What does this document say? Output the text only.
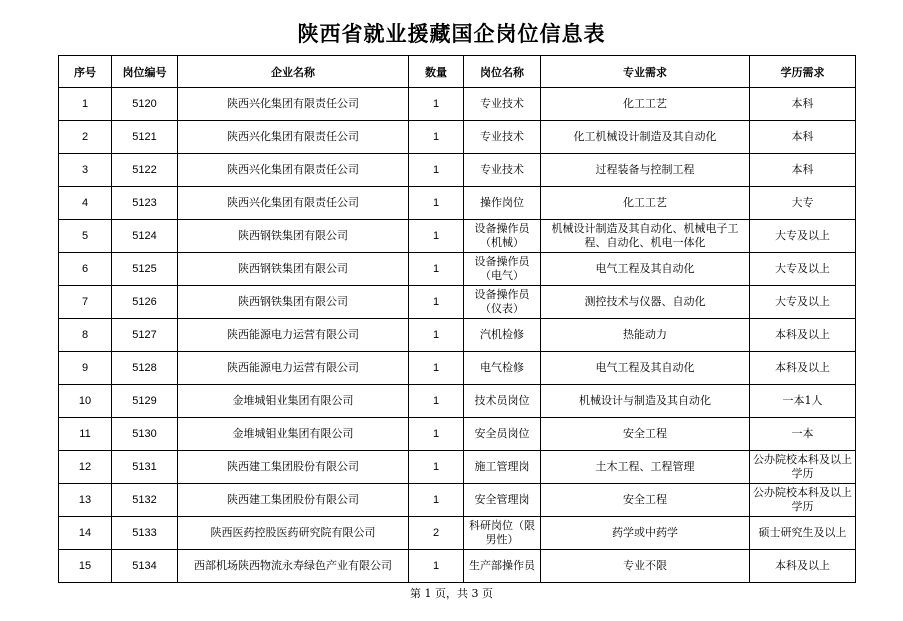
陕西省就业援藏国企岗位信息表
序号	岗位编号	企业名称	数量	岗位名称	专业需求	学历需求
1	5120	陕西兴化集团有限责任公司	1	专业技术	化工工艺	本科
2	5121	陕西兴化集团有限责任公司	1	专业技术	化工机械设计制造及其自动化	本科
3	5122	陕西兴化集团有限责任公司	1	专业技术	过程装备与控制工程	本科
4	5123	陕西兴化集团有限责任公司	1	操作岗位	化工工艺	大专
5	5124	陕西钢铁集团有限公司	1	设备操作员（机械）	机械设计制造及其自动化、机械电子工程、自动化、机电一体化	大专及以上
6	5125	陕西钢铁集团有限公司	1	设备操作员（电气）	电气工程及其自动化	大专及以上
7	5126	陕西钢铁集团有限公司	1	设备操作员（仪表）	测控技术与仪器、自动化	大专及以上
8	5127	陕西能源电力运营有限公司	1	汽机检修	热能动力	本科及以上
9	5128	陕西能源电力运营有限公司	1	电气检修	电气工程及其自动化	本科及以上
10	5129	金堆城钼业集团有限公司	1	技术员岗位	机械设计与制造及其自动化	一本1人
11	5130	金堆城钼业集团有限公司	1	安全员岗位	安全工程	一本
12	5131	陕西建工集团股份有限公司	1	施工管理岗	土木工程、工程管理	公办院校本科及以上学历
13	5132	陕西建工集团股份有限公司	1	安全管理岗	安全工程	公办院校本科及以上学历
14	5133	陕西医药控股医药研究院有限公司	2	科研岗位（限男性）	药学或中药学	硕士研究生及以上
15	5134	西部机场陕西物流永寿绿色产业有限公司	1	生产部操作员	专业不限	本科及以上
第 1 页，共 3 页
